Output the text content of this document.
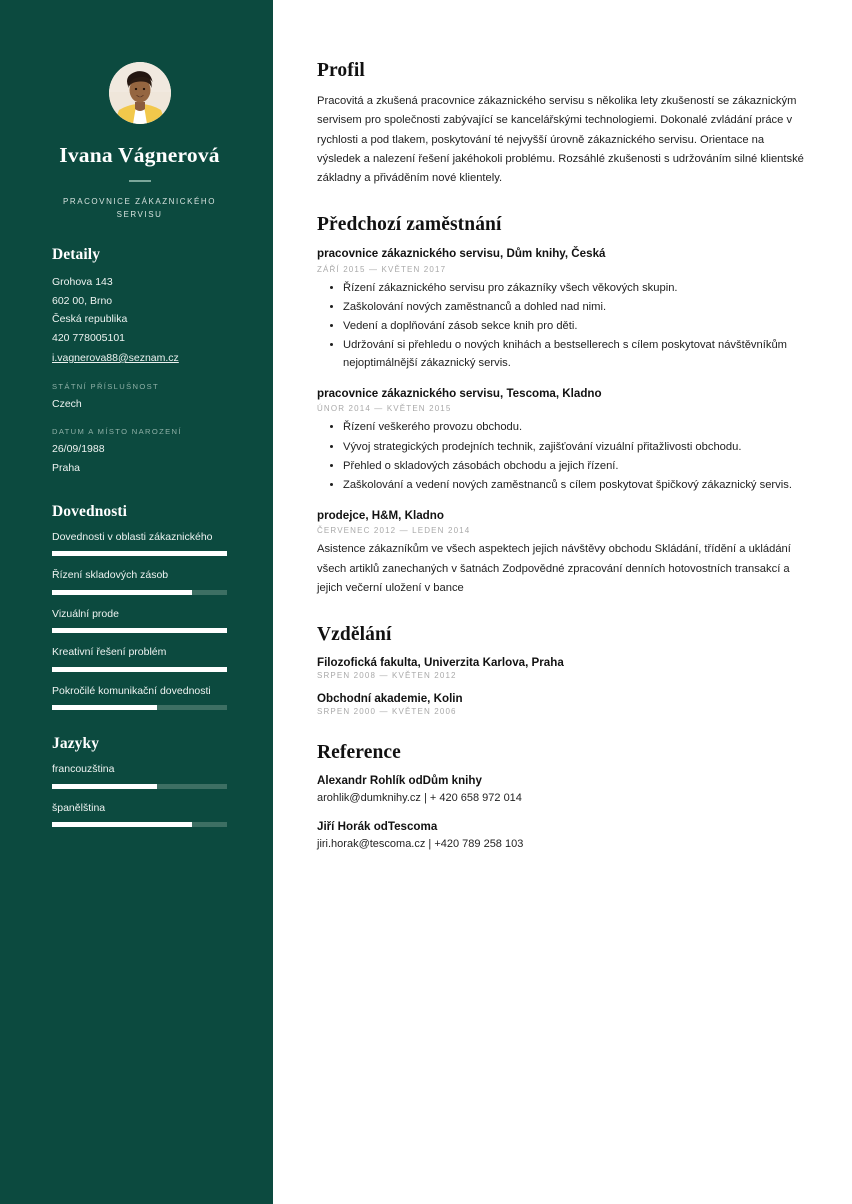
Ivana Vágnerová
PRACOVNICE ZÁKAZNICKÉHO SERVISU
Detaily
Grohova 143
602 00, Brno
Česká republika
420 778005101
i.vagnerova88@seznam.cz
STÁTNÍ PŘÍSLUŠNOST
Czech
DATUM A MÍSTO NAROZENÍ
26/09/1988
Praha
Dovednosti
Dovednosti v oblasti zákaznického
Řízení skladových zásob
Vizuální prode
Kreativní řešení problém
Pokročilé komunikační dovednosti
Jazyky
francouzština
španělština
Profil

Pracovitá a zkušená pracovnice zákaznického servisu s několika lety zkušeností se zákaznickým servisem pro společnosti zabývající se kancelářskými technologiemi. Dokonalé zvládání práce v rychlosti a pod tlakem, poskytování té nejvyšší úrovně zákaznického servisu. Orientace na výsledek a nalezení řešení jakéhokoli problému. Rozsáhlé zkušenosti s udržováním silné klientské základny a přiváděním nové klientely.

Předchozí zaměstnání
pracovnice zákaznického servisu, Dům knihy, Česká
ZÁŘÍ 2015 — KVĚTEN 2017
• Řízení zákaznického servisu pro zákazníky všech věkových skupin.
• Zaškolování nových zaměstnanců a dohled nad nimi.
• Vedení a doplňování zásob sekce knih pro děti.
• Udržování si přehledu o nových knihách a bestsellerech s cílem poskytovat návštěvníkům nejoptimálnější zákaznický servis.
pracovnice zákaznického servisu, Tescoma, Kladno
ÚNOR 2014 — KVĚTEN 2015
• Řízení veškerého provozu obchodu.
• Vývoj strategických prodejních technik, zajišťování vizuální přitažlivosti obchodu.
• Přehled o skladových zásobách obchodu a jejich řízení.
• Zaškolování a vedení nových zaměstnanců s cílem poskytovat špičkový zákaznický servis.
prodejce, H&M, Kladno
ČERVENEC 2012 — LEDEN 2014

Asistence zákazníkům ve všech aspektech jejich návštěvy obchodu Skládání, třídění a ukládání všech artiklů zanechaných v šatnách Zodpovědné zpracování denních hotovostních transakcí a jejich večerní uložení v bance

Vzdělání
Filozofická fakulta, Univerzita Karlova, Praha
SRPEN 2008 — KVĚTEN 2012
Obchodní akademie, Kolin
SRPEN 2000 — KVĚTEN 2006
Reference
Alexandr Rohlík odDům knihy
arohlik@dumknihy.cz | + 420 658 972 014
Jiří Horák odTescoma
jiri.horak@tescoma.cz | +420 789 258 103
